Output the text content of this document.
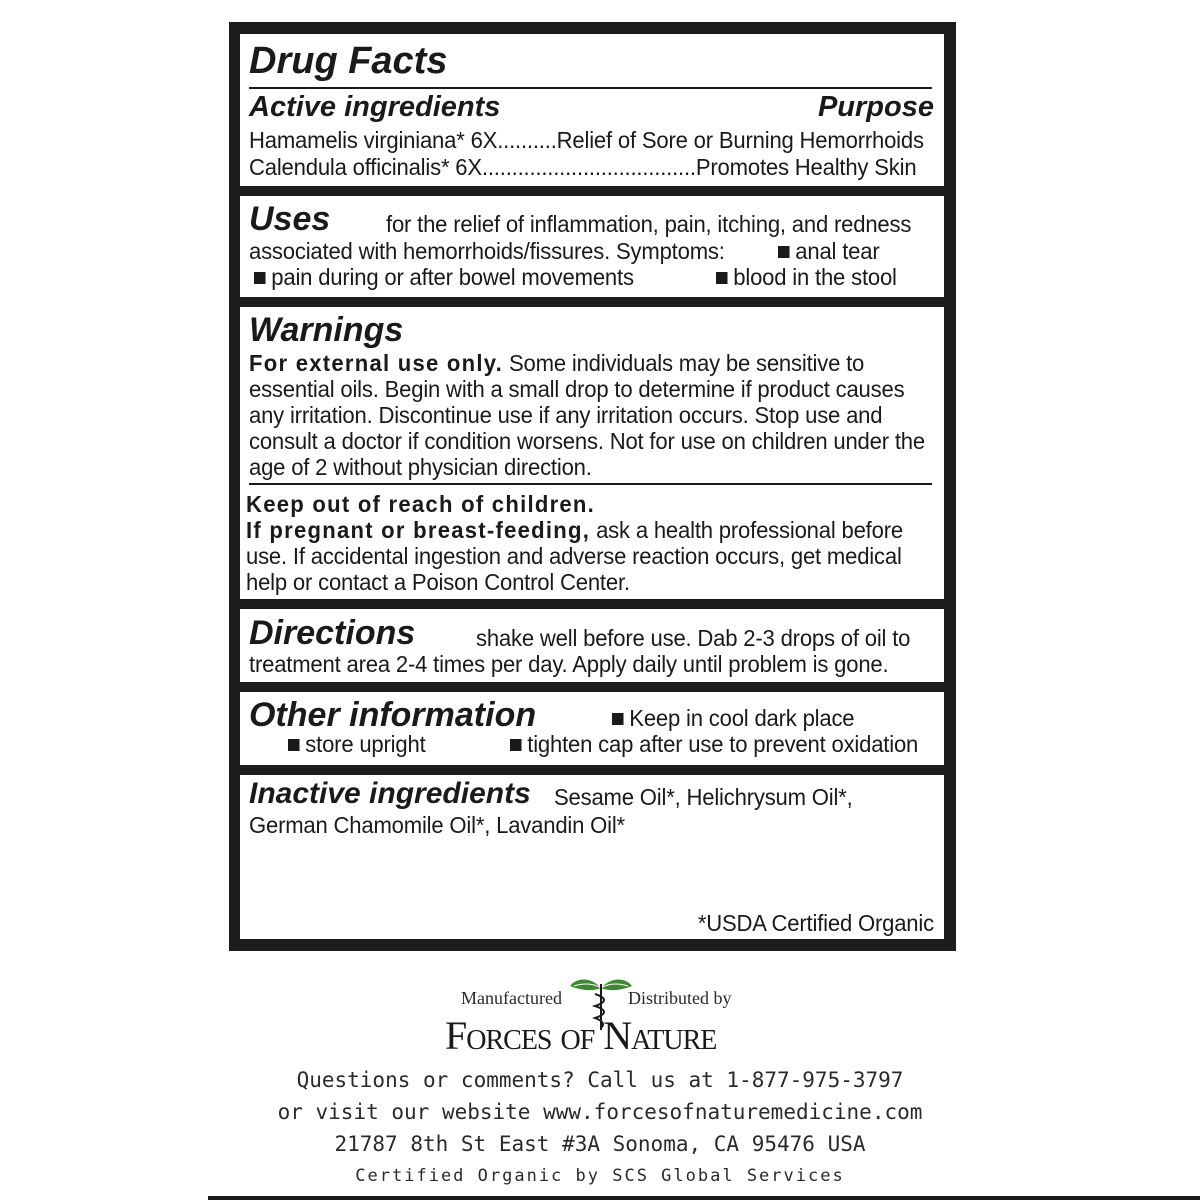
Drug Facts
Active ingredients	Purpose
Hamamelis virginiana* 6X..........Relief of Sore or Burning Hemorrhoids
Calendula officinalis* 6X....................................Promotes Healthy Skin
Uses for the relief of inflammation, pain, itching, and redness
associated with hemorrhoids/fissures. Symptoms:	anal tear
pain during or after bowel movements	blood in the stool
Warnings
For external use only. Some individuals may be sensitive to
essential oils. Begin with a small drop to determine if product causes
any irritation. Discontinue use if any irritation occurs. Stop use and
consult a doctor if condition worsens. Not for use on children under the
age of 2 without physician direction.
Keep out of reach of children.
If pregnant or breast-feeding, ask a health professional before
use. If accidental ingestion and adverse reaction occurs, get medical
help or contact a Poison Control Center.
Directions	shake well before use. Dab 2-3 drops of oil to
treatment area 2-4 times per day. Apply daily until problem is gone.
Other information	Keep in cool dark place
store upright	tighten cap after use to prevent oxidation
Inactive ingredients Sesame Oil*, Helichrysum Oil*,
German Chamomile Oil*, Lavandin Oil*
*USDA Certified Organic
Manufactured	Distributed by
Forces of Nature
Questions or comments? Call us at 1-877-975-3797
or visit our website www.forcesofnaturemedicine.com
21787 8th St East #3A Sonoma, CA 95476 USA
Certified Organic by SCS Global Services
